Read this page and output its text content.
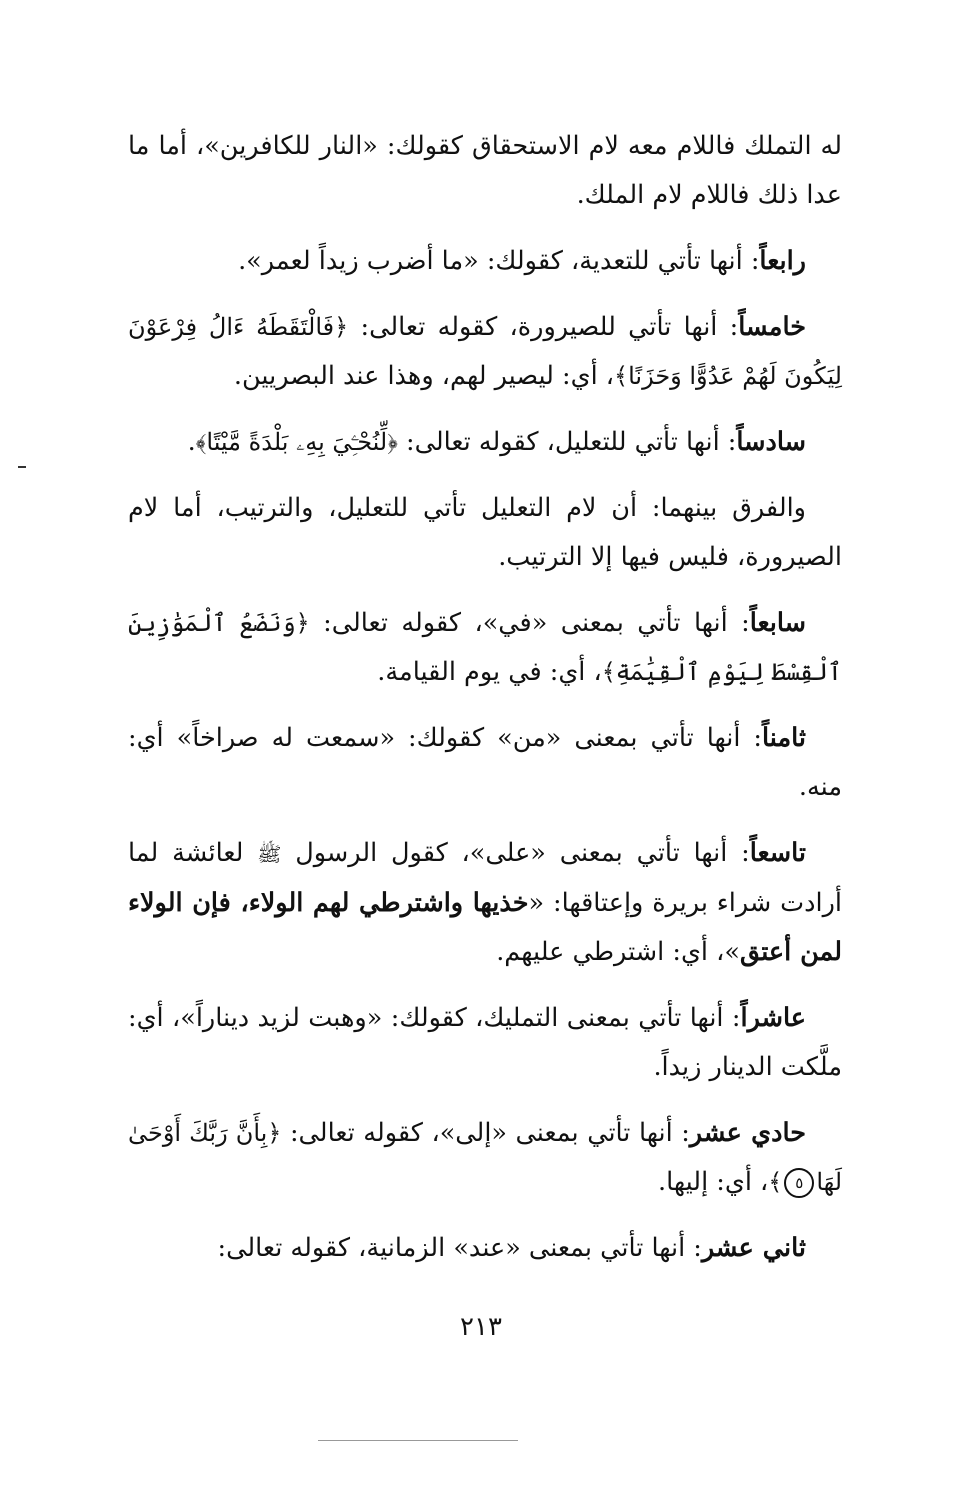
له التملك فاللام معه لام الاستحقاق كقولك: «النار للكافرين»، أما ما عدا ذلك فاللام لام الملك.

رابعاً: أنها تأتي للتعدية، كقولك: «ما أضرب زيداً لعمر».

خامساً: أنها تأتي للصيرورة، كقوله تعالى: ﴿فَالْتَقَطَهُ ءَالُ فِرْعَوْنَ لِيَكُونَ لَهُمْ عَدُوًّا وَحَزَنًا﴾، أي: ليصير لهم، وهذا عند البصريين.

سادساً: أنها تأتي للتعليل، كقوله تعالى: ﴿لِّنُحْـِۧيَ بِهِۦ بَلْدَةً مَّيْتًا﴾.

والفرق بينهما: أن لام التعليل تأتي للتعليل، والترتيب، أما لام الصيرورة، فليس فيها إلا الترتيب.

سابعاً: أنها تأتي بمعنى «في»، كقوله تعالى: ﴿وَنَضَعُ ٱلْمَوَٰزِينَ ٱلْقِسْطَ لِيَوْمِ ٱلْقِيَٰمَةِ﴾، أي: في يوم القيامة.

ثامناً: أنها تأتي بمعنى «من» كقولك: «سمعت له صراخاً» أي: منه.

تاسعاً: أنها تأتي بمعنى «على»، كقول الرسول ﷺ لعائشة لما أرادت شراء بريرة وإعتاقها: «خذيها واشترطي لهم الولاء، فإن الولاء لمن أعتق»، أي: اشترطي عليهم.

عاشراً: أنها تأتي بمعنى التمليك، كقولك: «وهبت لزيد ديناراً»، أي: ملَّكت الدينار زيداً.

حادي عشر: أنها تأتي بمعنى «إلى»، كقوله تعالى: ﴿بِأَنَّ رَبَّكَ أَوْحَىٰ لَهَا٥﴾، أي: إليها.

ثاني عشر: أنها تأتي بمعنى «عند» الزمانية، كقوله تعالى:

٢١٣
